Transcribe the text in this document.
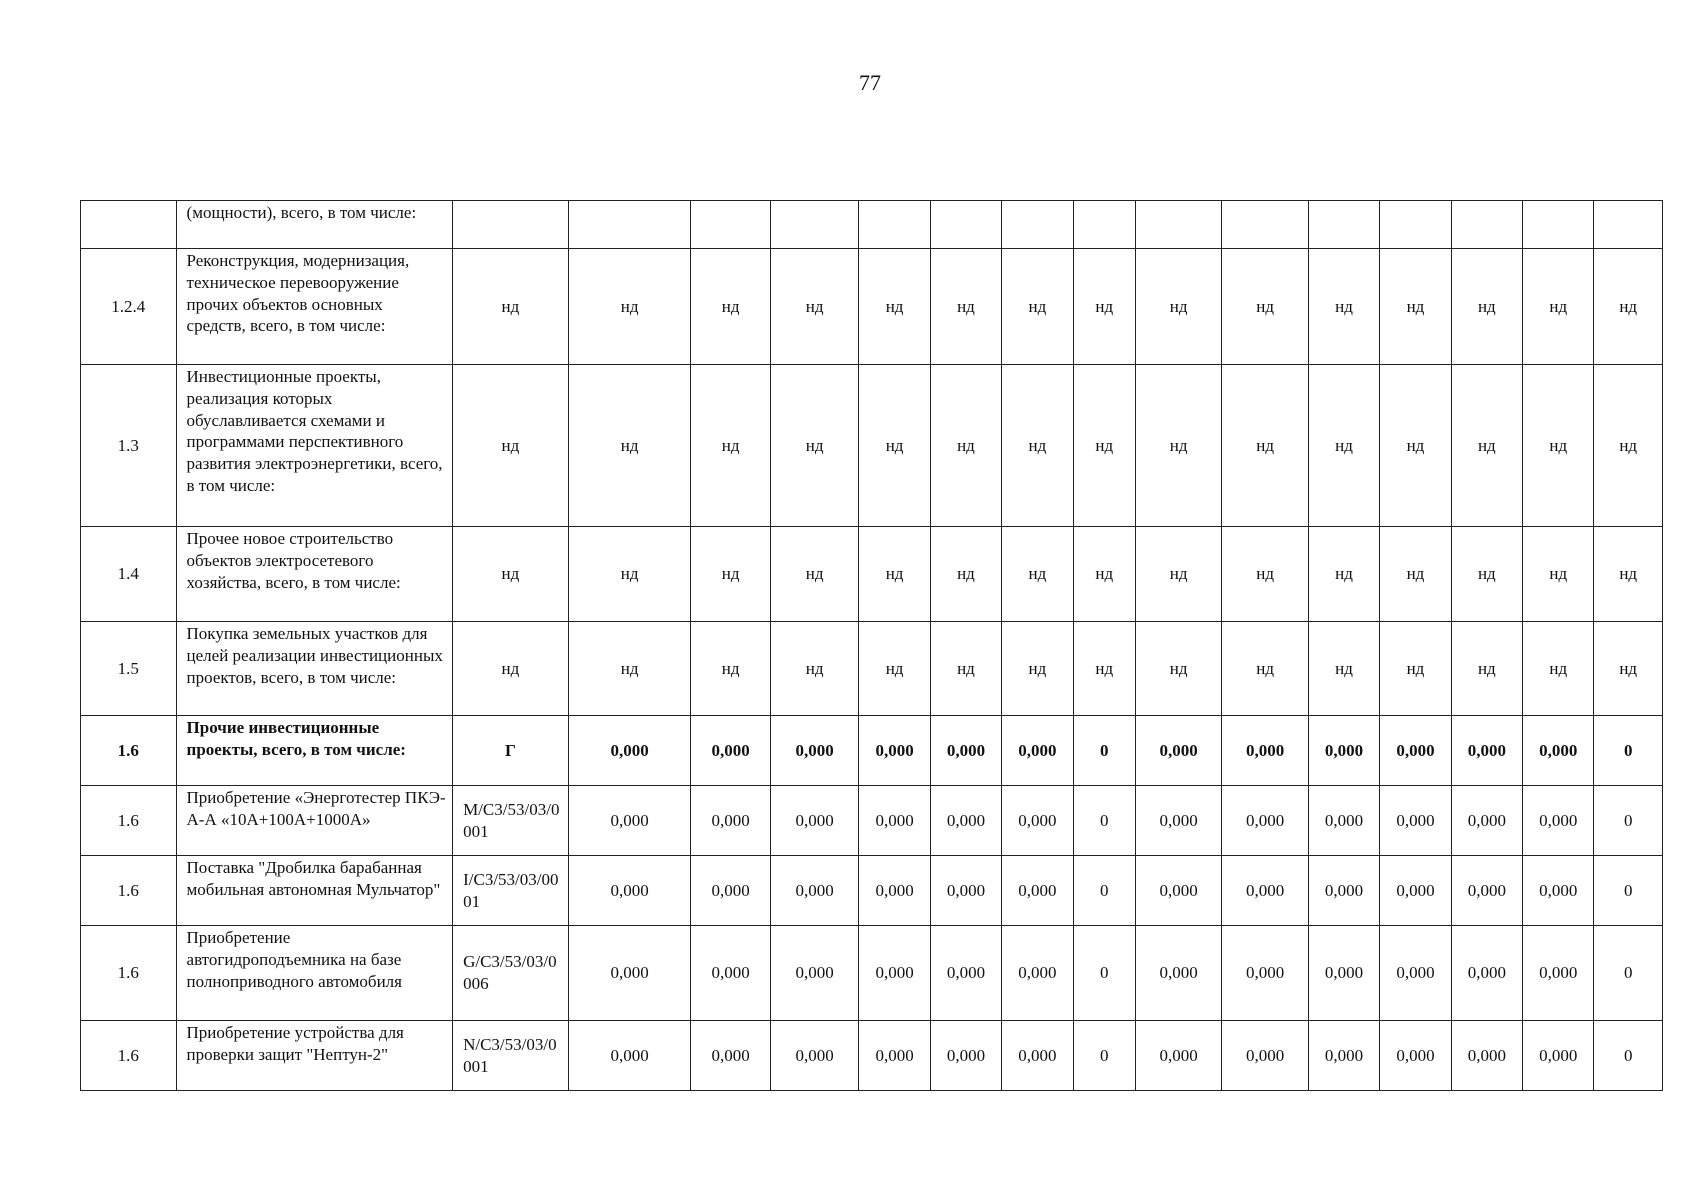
77
	(мощности), всего, в том числе:															
1.2.4	Реконструкция, модернизация, техническое перевооружение прочих объектов основных средств, всего, в том числе:	нд	нд	нд	нд	нд	нд	нд	нд	нд	нд	нд	нд	нд	нд	нд
1.3	Инвестиционные проекты, реализация которых обуславливается схемами и программами перспективного развития электроэнергетики, всего, в том числе:	нд	нд	нд	нд	нд	нд	нд	нд	нд	нд	нд	нд	нд	нд	нд
1.4	Прочее новое строительство объектов электросетевого хозяйства, всего, в том числе:	нд	нд	нд	нд	нд	нд	нд	нд	нд	нд	нд	нд	нд	нд	нд
1.5	Покупка земельных участков для целей реализации инвестиционных проектов, всего, в том числе:	нд	нд	нд	нд	нд	нд	нд	нд	нд	нд	нд	нд	нд	нд	нд
1.6	Прочие инвестиционные проекты, всего, в том числе:	Г	0,000	0,000	0,000	0,000	0,000	0,000	0	0,000	0,000	0,000	0,000	0,000	0,000	0
1.6	Приобретение «Энерготестер ПКЭ-А-А «10А+100А+1000А»	M/C3/53/03/0001	0,000	0,000	0,000	0,000	0,000	0,000	0	0,000	0,000	0,000	0,000	0,000	0,000	0
1.6	Поставка "Дробилка барабанная мобильная автономная Мульчатор"	I/C3/53/03/0001	0,000	0,000	0,000	0,000	0,000	0,000	0	0,000	0,000	0,000	0,000	0,000	0,000	0
1.6	Приобретение автогидроподъемника на базе полноприводного автомобиля	G/C3/53/03/0006	0,000	0,000	0,000	0,000	0,000	0,000	0	0,000	0,000	0,000	0,000	0,000	0,000	0
1.6	Приобретение устройства для проверки защит "Нептун-2"	N/C3/53/03/0001	0,000	0,000	0,000	0,000	0,000	0,000	0	0,000	0,000	0,000	0,000	0,000	0,000	0
